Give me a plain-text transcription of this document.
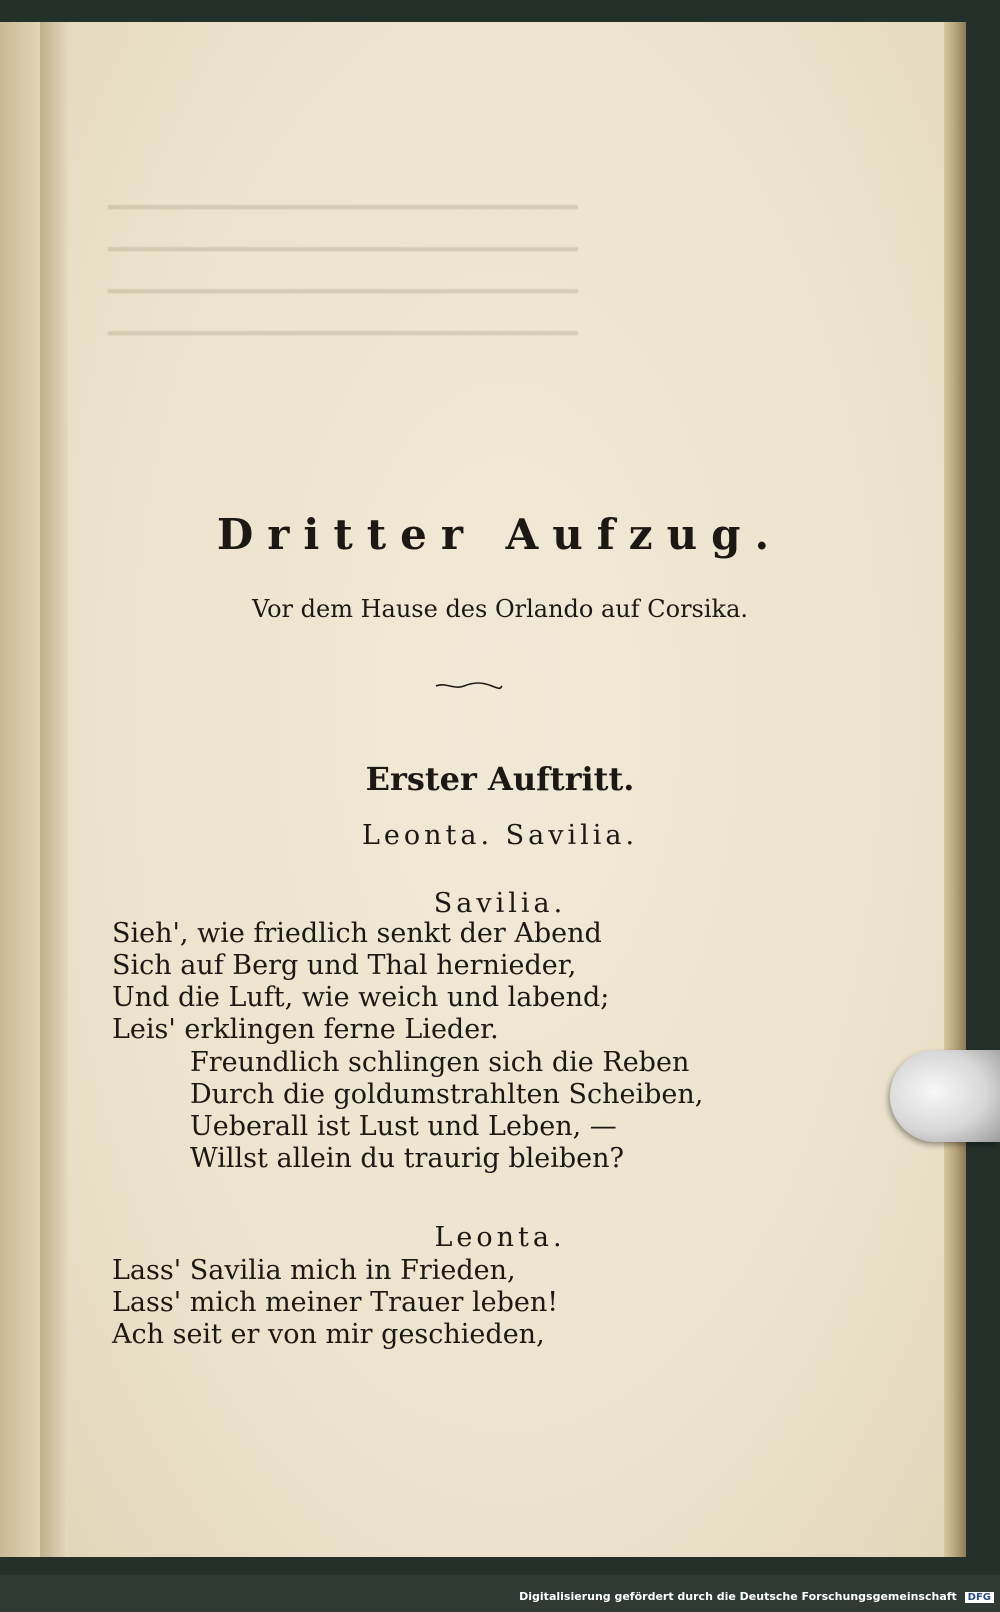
━━━━━━━━━━━━━━━━━━━━━━━━━━━━━━
━━━━━━━━━━━━━━━━━━━━━━━━━━━━━━
━━━━━━━━━━━━━━━━━━━━━━━━━━━━━━
━━━━━━━━━━━━━━━━━━━━━━━━━━━━━━
Dritter Aufzug.
Vor dem Hause des Orlando auf Corsika.
Erster Auftritt.
Leonta. Savilia.
Savilia.
Sieh', wie friedlich senkt der Abend
Sich auf Berg und Thal hernieder,
Und die Luft, wie weich und labend;
Leis' erklingen ferne Lieder.
Freundlich schlingen sich die Reben
Durch die goldumstrahlten Scheiben,
Ueberall ist Lust und Leben, —
Willst allein du traurig bleiben?
Leonta.
Lass' Savilia mich in Frieden,
Lass' mich meiner Trauer leben!
Ach seit er von mir geschieden,
Digitalisierung gefördert durch die Deutsche Forschungsgemeinschaft DFG
